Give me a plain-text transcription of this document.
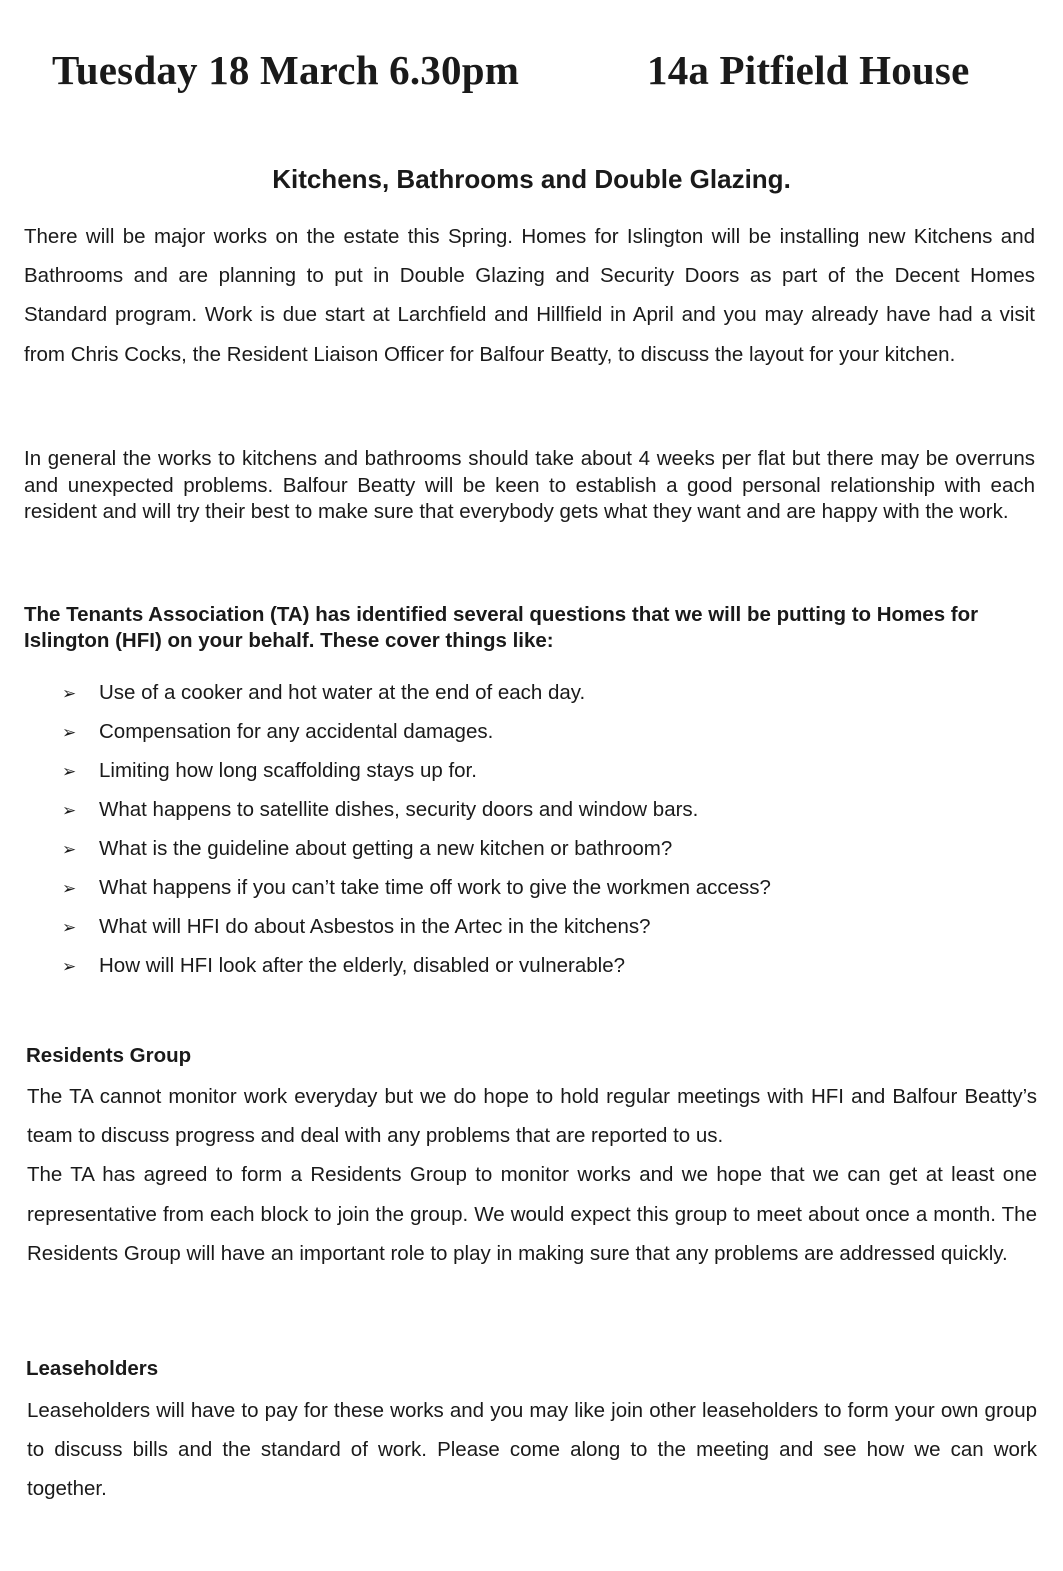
Tuesday 18 March 6.30pm	14a Pitfield House
Kitchens, Bathrooms and Double Glazing.

There will be major works on the estate this Spring. Homes for Islington will be installing new Kitchens and Bathrooms and are planning to put in Double Glazing and Security Doors as part of the Decent Homes Standard program. Work is due start at Larchfield and Hillfield in April and you may already have had a visit from Chris Cocks, the Resident Liaison Officer for Balfour Beatty, to discuss the layout for your kitchen.

In general the works to kitchens and bathrooms should take about 4 weeks per flat but there may be overruns and unexpected problems. Balfour Beatty will be keen to establish a good personal relationship with each resident and will try their best to make sure that everybody gets what they want and are happy with the work.

The Tenants Association (TA) has identified several questions that we will be putting to Homes for Islington (HFI) on your behalf. These cover things like:

➢ Use of a cooker and hot water at the end of each day.
➢ Compensation for any accidental damages.
➢ Limiting how long scaffolding stays up for.
➢ What happens to satellite dishes, security doors and window bars.
➢ What is the guideline about getting a new kitchen or bathroom?
➢ What happens if you can’t take time off work to give the workmen access?
➢ What will HFI do about Asbestos in the Artec in the kitchens?
➢ How will HFI look after the elderly, disabled or vulnerable?
Residents Group
The TA cannot monitor work everyday but we do hope to hold regular meetings with HFI and Balfour Beatty’s team to discuss progress and deal with any problems that are reported to us.
The TA has agreed to form a Residents Group to monitor works and we hope that we can get at least one representative from each block to join the group. We would expect this group to meet about once a month. The Residents Group will have an important role to play in making sure that any problems are addressed quickly.
Leaseholders

Leaseholders will have to pay for these works and you may like join other leaseholders to form your own group to discuss bills and the standard of work. Please come along to the meeting and see how we can work together.
